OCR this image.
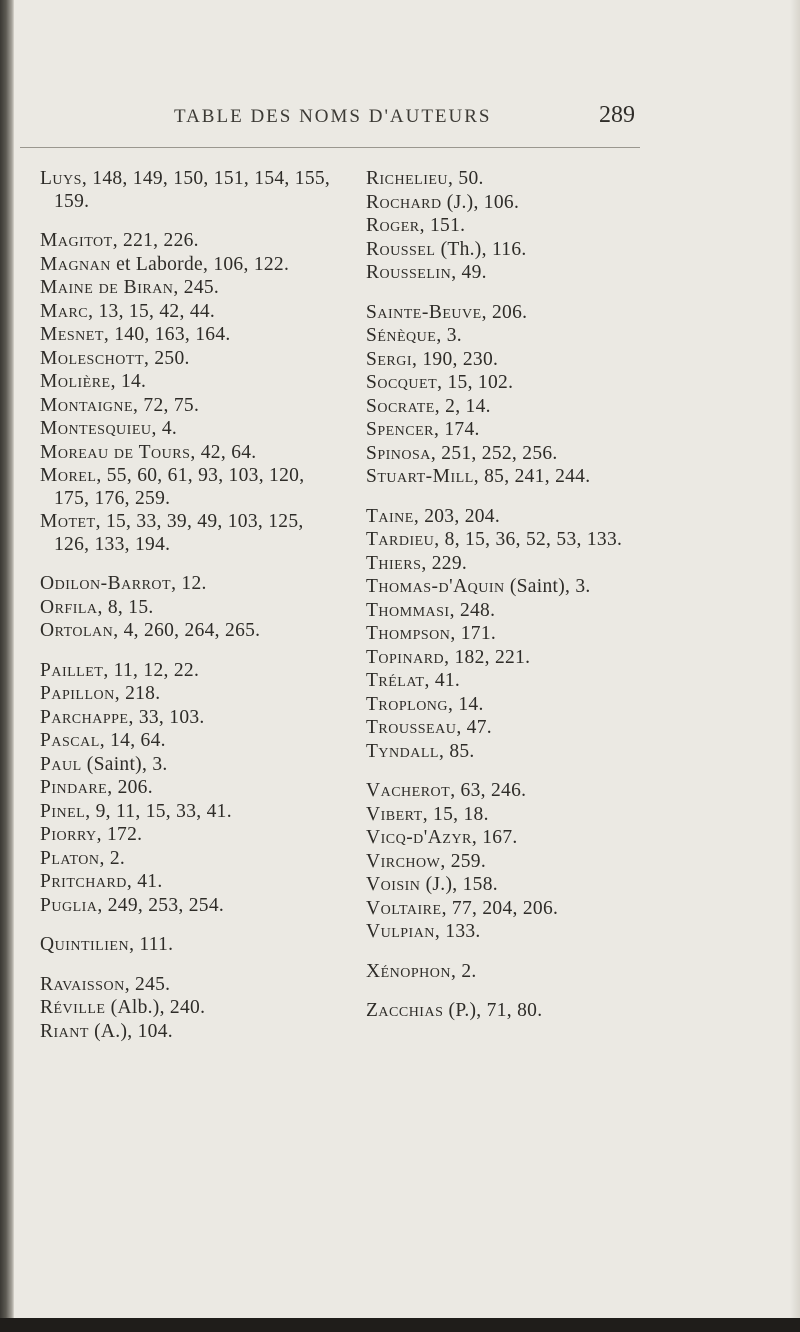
TABLE DES NOMS D'AUTEURS	289
Luys, 148, 149, 150, 151, 154, 155, 159.
Magitot, 221, 226.
Magnan et Laborde, 106, 122.
Maine de Biran, 245.
Marc, 13, 15, 42, 44.
Mesnet, 140, 163, 164.
Moleschott, 250.
Molière, 14.
Montaigne, 72, 75.
Montesquieu, 4.
Moreau de Tours, 42, 64.
Morel, 55, 60, 61, 93, 103, 120, 175, 176, 259.
Motet, 15, 33, 39, 49, 103, 125, 126, 133, 194.
Odilon-Barrot, 12.
Orfila, 8, 15.
Ortolan, 4, 260, 264, 265.
Paillet, 11, 12, 22.
Papillon, 218.
Parchappe, 33, 103.
Pascal, 14, 64.
Paul (Saint), 3.
Pindare, 206.
Pinel, 9, 11, 15, 33, 41.
Piorry, 172.
Platon, 2.
Pritchard, 41.
Puglia, 249, 253, 254.
Quintilien, 111.
Ravaisson, 245.
Réville (Alb.), 240.
Riant (A.), 104.
Richelieu, 50.
Rochard (J.), 106.
Roger, 151.
Roussel (Th.), 116.
Rousselin, 49.
Sainte-Beuve, 206.
Sénèque, 3.
Sergi, 190, 230.
Socquet, 15, 102.
Socrate, 2, 14.
Spencer, 174.
Spinosa, 251, 252, 256.
Stuart-Mill, 85, 241, 244.
Taine, 203, 204.
Tardieu, 8, 15, 36, 52, 53, 133.
Thiers, 229.
Thomas-d'Aquin (Saint), 3.
Thommasi, 248.
Thompson, 171.
Topinard, 182, 221.
Trélat, 41.
Troplong, 14.
Trousseau, 47.
Tyndall, 85.
Vacherot, 63, 246.
Vibert, 15, 18.
Vicq-d'Azyr, 167.
Virchow, 259.
Voisin (J.), 158.
Voltaire, 77, 204, 206.
Vulpian, 133.
Xénophon, 2.
Zacchias (P.), 71, 80.
